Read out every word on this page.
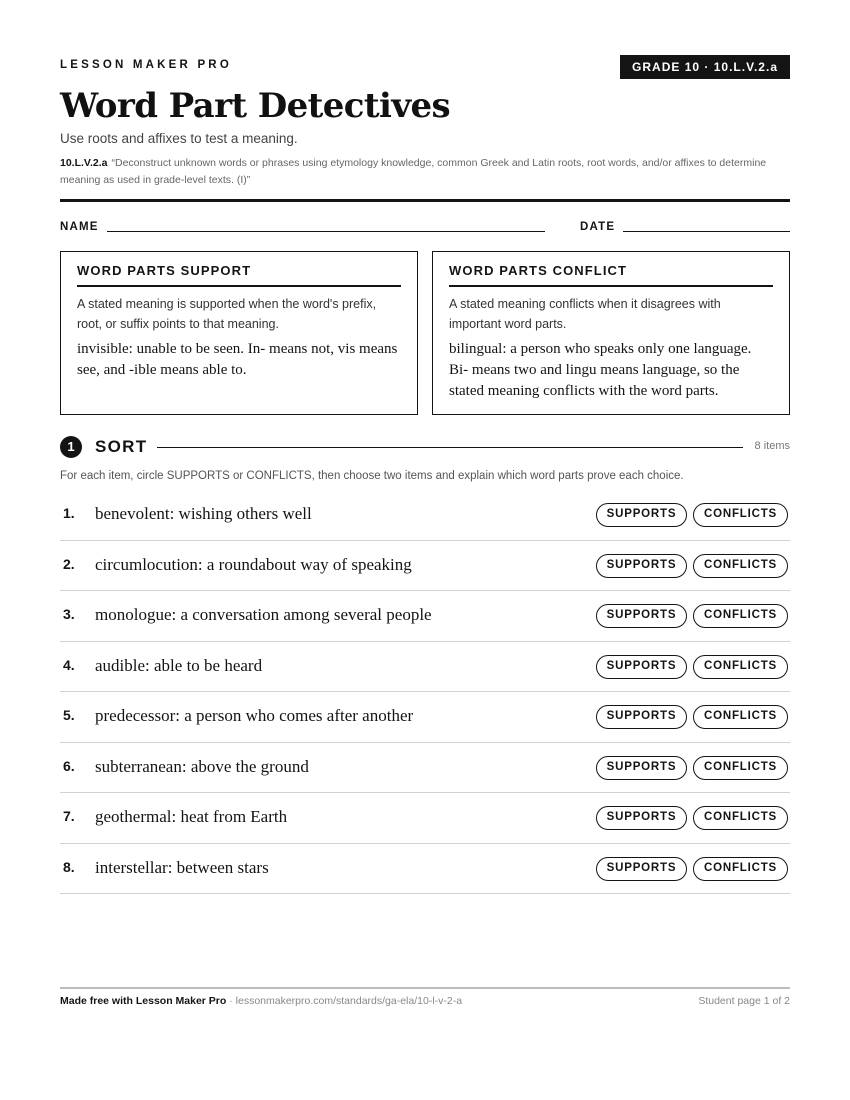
LESSON MAKER PRO	GRADE 10 · 10.L.V.2.a
Word Part Detectives
Use roots and affixes to test a meaning.
10.L.V.2.a “Deconstruct unknown words or phrases using etymology knowledge, common Greek and Latin roots, root words, and/or affixes to determine meaning as used in grade-level texts. (I)”
NAME	DATE
WORD PARTS SUPPORT
A stated meaning is supported when the word's prefix, root, or suffix points to that meaning.
invisible: unable to be seen. In- means not, vis means see, and -ible means able to.
WORD PARTS CONFLICT
A stated meaning conflicts when it disagrees with important word parts.
bilingual: a person who speaks only one language. Bi- means two and lingu means language, so the stated meaning conflicts with the word parts.
1	SORT	8 items
For each item, circle SUPPORTS or CONFLICTS, then choose two items and explain which word parts prove each choice.
1. benevolent: wishing others well	SUPPORTS	CONFLICTS
2. circumlocution: a roundabout way of speaking	SUPPORTS	CONFLICTS
3. monologue: a conversation among several people	SUPPORTS	CONFLICTS
4. audible: able to be heard	SUPPORTS	CONFLICTS
5. predecessor: a person who comes after another	SUPPORTS	CONFLICTS
6. subterranean: above the ground	SUPPORTS	CONFLICTS
7. geothermal: heat from Earth	SUPPORTS	CONFLICTS
8. interstellar: between stars	SUPPORTS	CONFLICTS
Made free with Lesson Maker Pro · lessonmakerpro.com/standards/ga-ela/10-l-v-2-a	Student page 1 of 2
